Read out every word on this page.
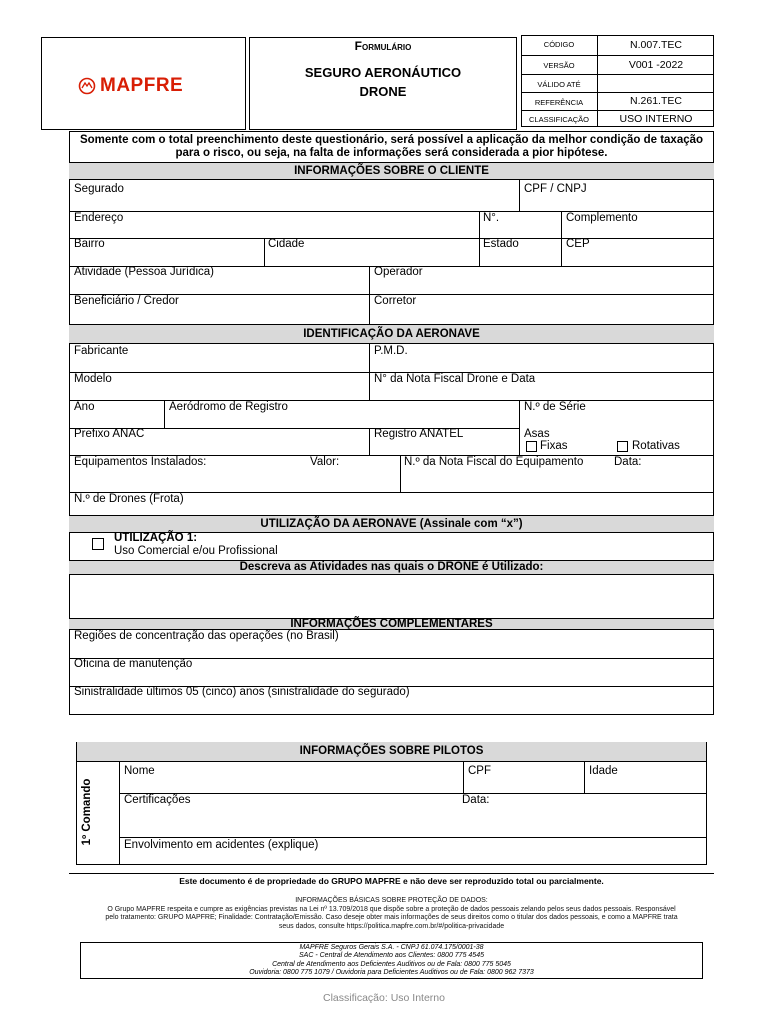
MAPFRE
Formulário
SEGURO AERONÁUTICO
DRONE
CÓDIGO	N.007.TEC
VERSÃO	V001 -2022
VÁLIDO ATÉ
REFERÊNCIA	N.261.TEC
CLASSIFICAÇÃO	USO INTERNO
Somente com o total preenchimento deste questionário, será possível a aplicação da melhor condição de taxação
para o risco, ou seja, na falta de informações será considerada a pior hipótese.
INFORMAÇÕES SOBRE O CLIENTE
Segurado	CPF / CNPJ
Endereço	N°.	Complemento
Bairro	Cidade	Estado	CEP
Atividade (Pessoa Jurídica)	Operador
Beneficiário / Credor	Corretor
IDENTIFICAÇÃO DA AERONAVE
Fabricante	P.M.D.
Modelo	N° da Nota Fiscal Drone e Data
Ano	Aeródromo de Registro	N.º de Série
Prefixo ANAC	Registro ANATEL	Asas
Fixas	Rotativas
Equipamentos Instalados:	Valor:	N.º da Nota Fiscal do Equipamento	Data:
N.º de Drones (Frota)
UTILIZAÇÃO DA AERONAVE (Assinale com “x”)
UTILIZAÇÃO 1:
Uso Comercial e/ou Profissional
Descreva as Atividades nas quais o DRONE é Utilizado:
INFORMAÇÕES COMPLEMENTARES
Regiões de concentração das operações (no Brasil)
Oficina de manutenção
Sinistralidade últimos 05 (cinco) anos (sinistralidade do segurado)
INFORMAÇÕES SOBRE PILOTOS
1º Comando
Nome	CPF	Idade
Certificações	Data:
Envolvimento em acidentes (explique)
Este documento é de propriedade do GRUPO MAPFRE e não deve ser reproduzido total ou parcialmente.
INFORMAÇÕES BÁSICAS SOBRE PROTEÇÃO DE DADOS:
O Grupo MAPFRE respeita e cumpre as exigências previstas na Lei nº 13.709/2018 que dispõe sobre a proteção de dados pessoais zelando pelos seus dados pessoais. Responsável
pelo tratamento: GRUPO MAPFRE; Finalidade: Contratação/Emissão. Caso deseje obter mais informações de seus direitos como o titular dos dados pessoais, e como a MAPFRE trata
seus dados, consulte https://politica.mapfre.com.br/#/politica-privacidade
MAPFRE Seguros Gerais S.A. - CNPJ 61.074.175/0001-38
SAC - Central de Atendimento aos Clientes: 0800 775 4545
Central de Atendimento aos Deficientes Auditivos ou de Fala: 0800 775 5045
Ouvidoria: 0800 775 1079 / Ouvidoria para Deficientes Auditivos ou de Fala: 0800 962 7373
Classificação: Uso Interno
